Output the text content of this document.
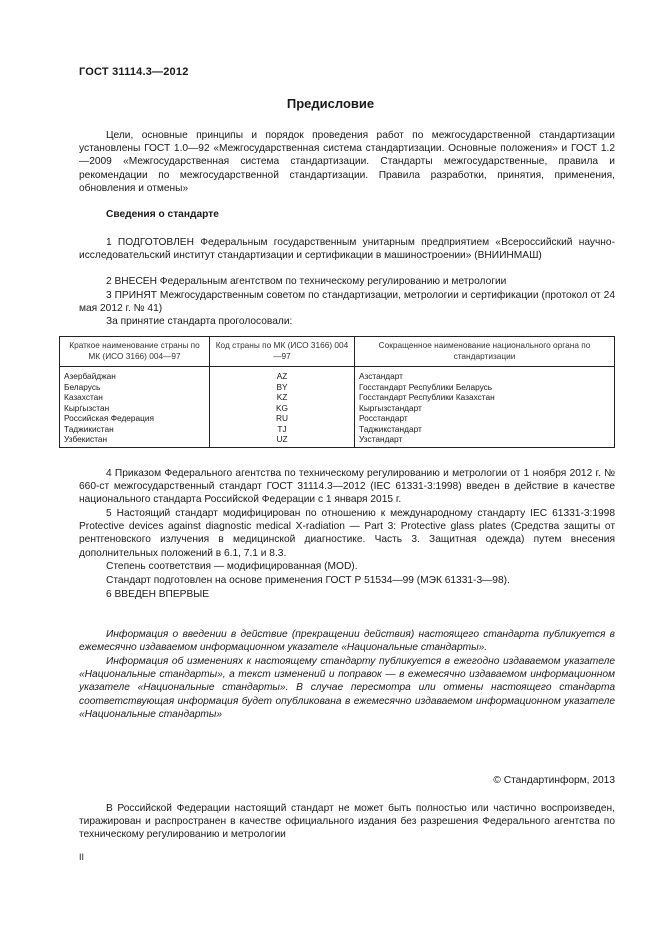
ГОСТ 31114.3—2012
Предисловие

Цели, основные принципы и порядок проведения работ по межгосударственной стандартизации установлены ГОСТ 1.0—92 «Межгосударственная система стандартизации. Основные положения» и ГОСТ 1.2—2009 «Межгосударственная система стандартизации. Стандарты межгосударственные, правила и рекомендации по межгосударственной стандартизации. Правила разработки, принятия, применения, обновления и отмены»

Сведения о стандарте

1 ПОДГОТОВЛЕН Федеральным государственным унитарным предприятием «Всероссийский научно-исследовательский институт стандартизации и сертификации в машиностроении» (ВНИИНМАШ)

2 ВНЕСЕН Федеральным агентством по техническому регулированию и метрологии

3 ПРИНЯТ Межгосударственным советом по стандартизации, метрологии и сертификации (протокол от 24 мая 2012 г. № 41)

За принятие стандарта проголосовали:

Краткое наименование страны по МК (ИСО 3166) 004—97	Код страны по МК (ИСО 3166) 004—97	Сокращенное наименование национального органа по стандартизации
Азербайджан	AZ	Азстандарт
Беларусь	BY	Госстандарт Республики Беларусь
Казахстан	KZ	Госстандарт Республики Казахстан
Кыргызстан	KG	Кыргызстандарт
Российская Федерация	RU	Росстандарт
Таджикистан	TJ	Таджикстандарт
Узбекистан	UZ	Узстандарт

4 Приказом Федерального агентства по техническому регулированию и метрологии от 1 ноября 2012 г. № 660-ст межгосударственный стандарт ГОСТ 31114.3—2012 (IEC 61331-3:1998) введен в действие в качестве национального стандарта Российской Федерации с 1 января 2015 г.

5 Настоящий стандарт модифицирован по отношению к международному стандарту IEC 61331-3:1998 Protective devices against diagnostic medical X-radiation — Part 3: Protective glass plates (Средства защиты от рентгеновского излучения в медицинской диагностике. Часть 3. Защитная одежда) путем внесения дополнительных положений в 6.1, 7.1 и 8.3.

Степень соответствия — модифицированная (MOD).

Стандарт подготовлен на основе применения ГОСТ Р 51534—99 (МЭК 61331-3—98).

6 ВВЕДЕН ВПЕРВЫЕ

Информация о введении в действие (прекращении действия) настоящего стандарта публикуется в ежемесячно издаваемом информационном указателе «Национальные стандарты».

Информация об изменениях к настоящему стандарту публикуется в ежегодно издаваемом указателе «Национальные стандарты», а текст изменений и поправок — в ежемесячно издаваемом информационном указателе «Национальные стандарты». В случае пересмотра или отмены настоящего стандарта соответствующая информация будет опубликована в ежемесячно издаваемом информационном указателе «Национальные стандарты»

© Стандартинформ, 2013

В Российской Федерации настоящий стандарт не может быть полностью или частично воспроизведен, тиражирован и распространен в качестве официального издания без разрешения Федерального агентства по техническому регулированию и метрологии

II
